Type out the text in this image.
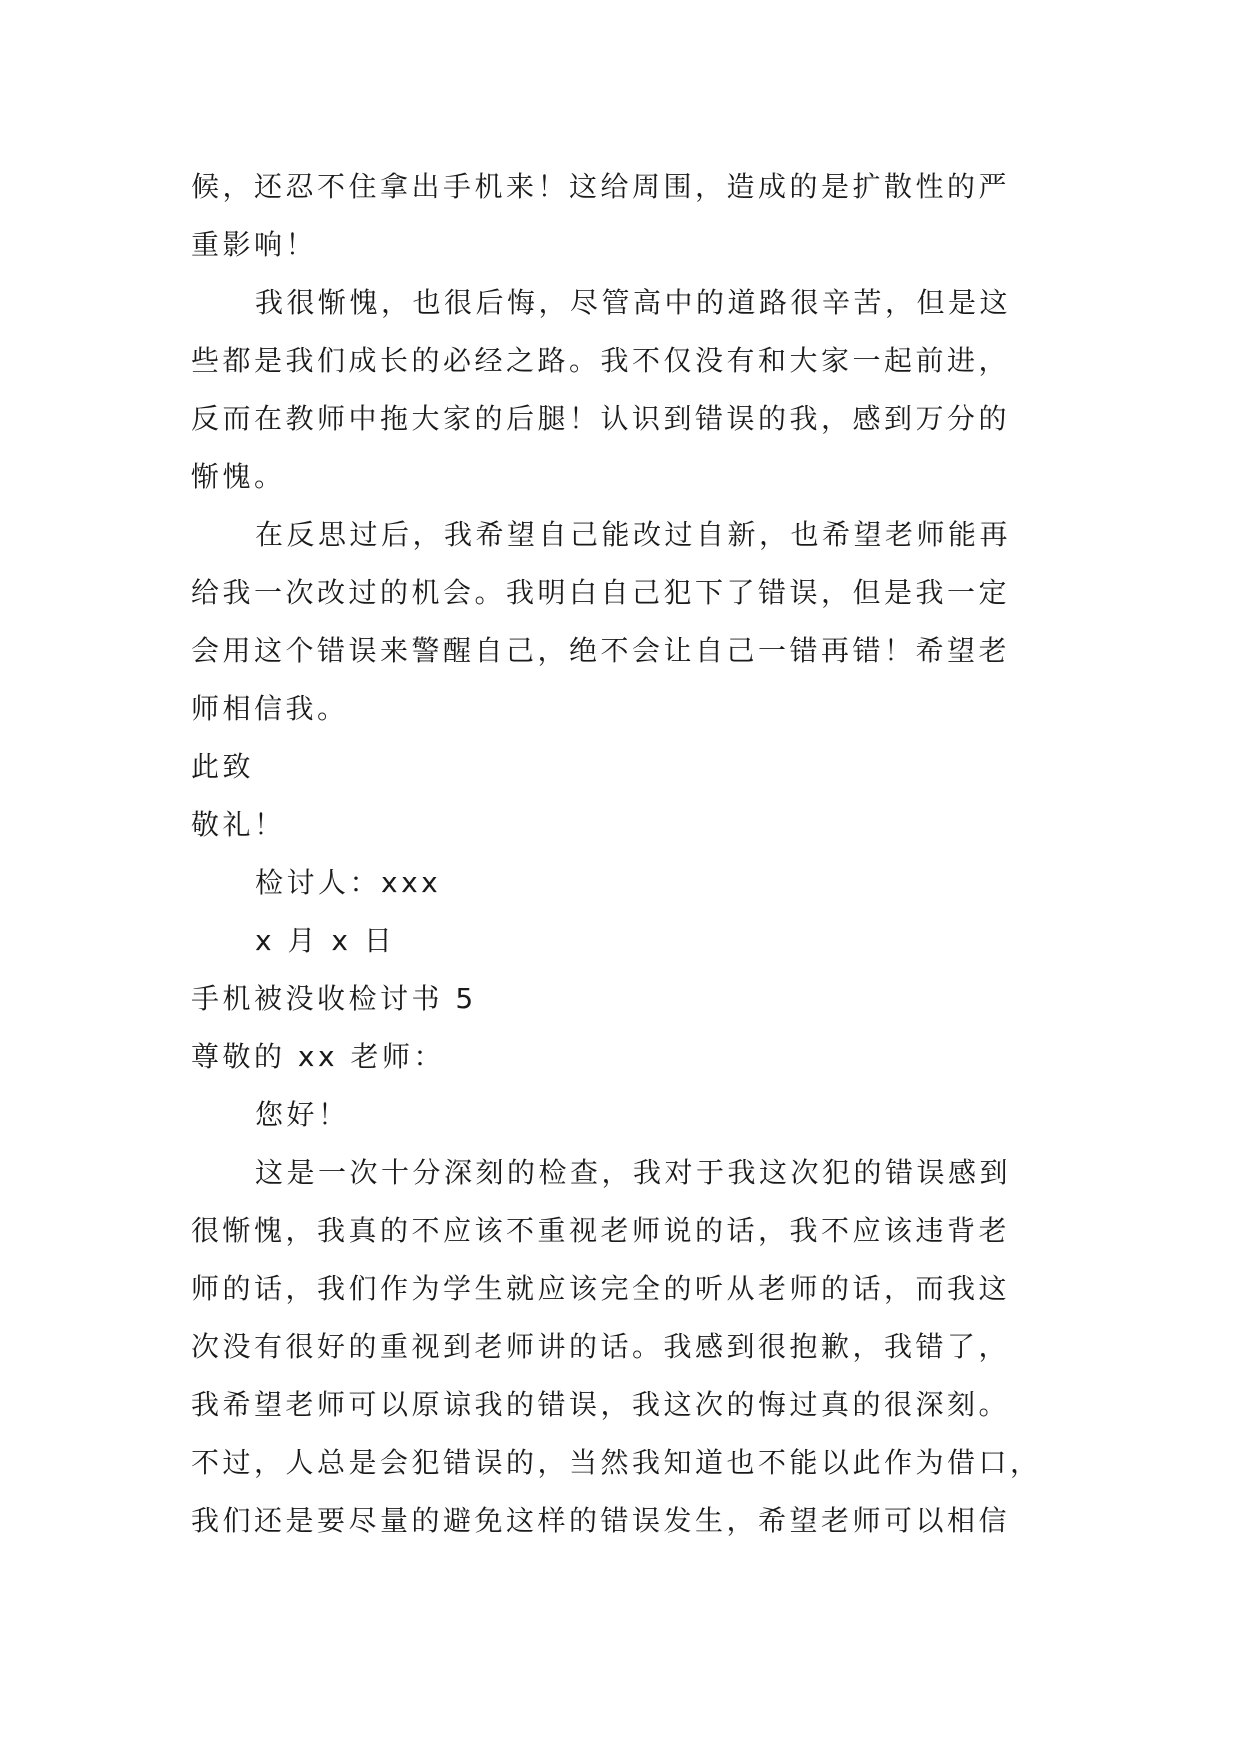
候，还忍不住拿出手机来！这给周围，造成的是扩散性的严
重影响！
我很惭愧，也很后悔，尽管高中的道路很辛苦，但是这
些都是我们成长的必经之路。我不仅没有和大家一起前进，
反而在教师中拖大家的后腿！认识到错误的我，感到万分的
惭愧。
在反思过后，我希望自己能改过自新，也希望老师能再
给我一次改过的机会。我明白自己犯下了错误，但是我一定
会用这个错误来警醒自己，绝不会让自己一错再错！希望老
师相信我。
此致
敬礼！
检讨人：xxx
x 月 x 日
手机被没收检讨书 5
尊敬的 xx 老师：
您好！
这是一次十分深刻的检查，我对于我这次犯的错误感到
很惭愧，我真的不应该不重视老师说的话，我不应该违背老
师的话，我们作为学生就应该完全的听从老师的话，而我这
次没有很好的重视到老师讲的话。我感到很抱歉，我错了，
我希望老师可以原谅我的错误，我这次的悔过真的很深刻。
不过，人总是会犯错误的，当然我知道也不能以此作为借口，
我们还是要尽量的避免这样的错误发生，希望老师可以相信
